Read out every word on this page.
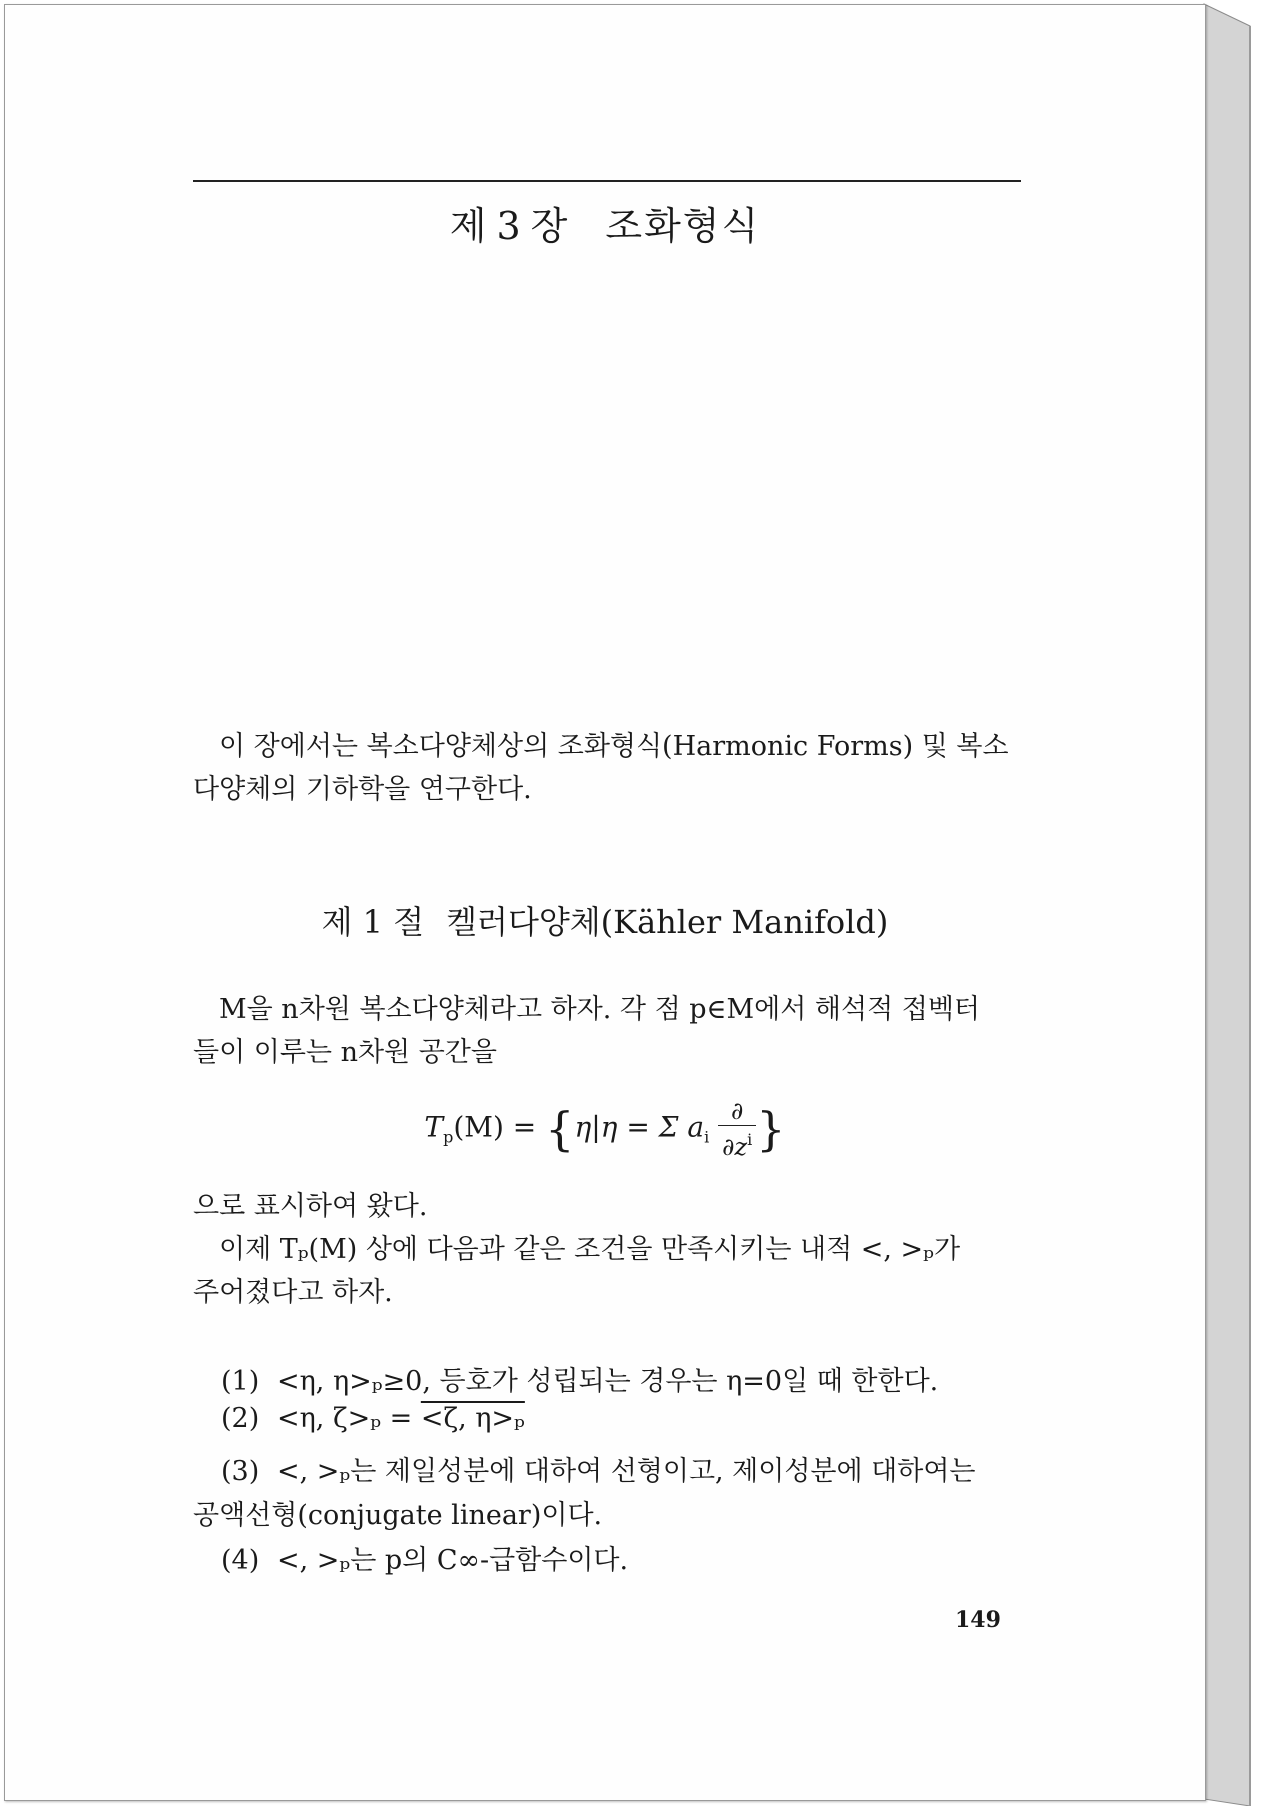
제 3 장 조화형식
이 장에서는 복소다양체상의 조화형식(Harmonic Forms) 및 복소
다양체의 기하학을 연구한다.
제 1 절 켈러다양체(Kähler Manifold)
M을 n차원 복소다양체라고 하자. 각 점 p∈M에서 해석적 접벡터
들이 이루는 n차원 공간을
$T_p(M) = \{\eta|\eta = \Sigma$ $a_i \frac{\partial}{\partial z^i}$ }
으로 표시하여 왔다.
이제 Tₚ(M) 상에 다음과 같은 조건을 만족시키는 내적 <, >ₚ가
주어졌다고 하자.
(1) <η, η>ₚ≥0, 등호가 성립되는 경우는 η=0일 때 한한다.
(2) <η, ζ>ₚ = <ζ, η>ₚ
(3) <, >ₚ는 제일성분에 대하여 선형이고, 제이성분에 대하여는
공액선형(conjugate linear)이다.
(4) <, >ₚ는 p의 C∞-급함수이다.
149
